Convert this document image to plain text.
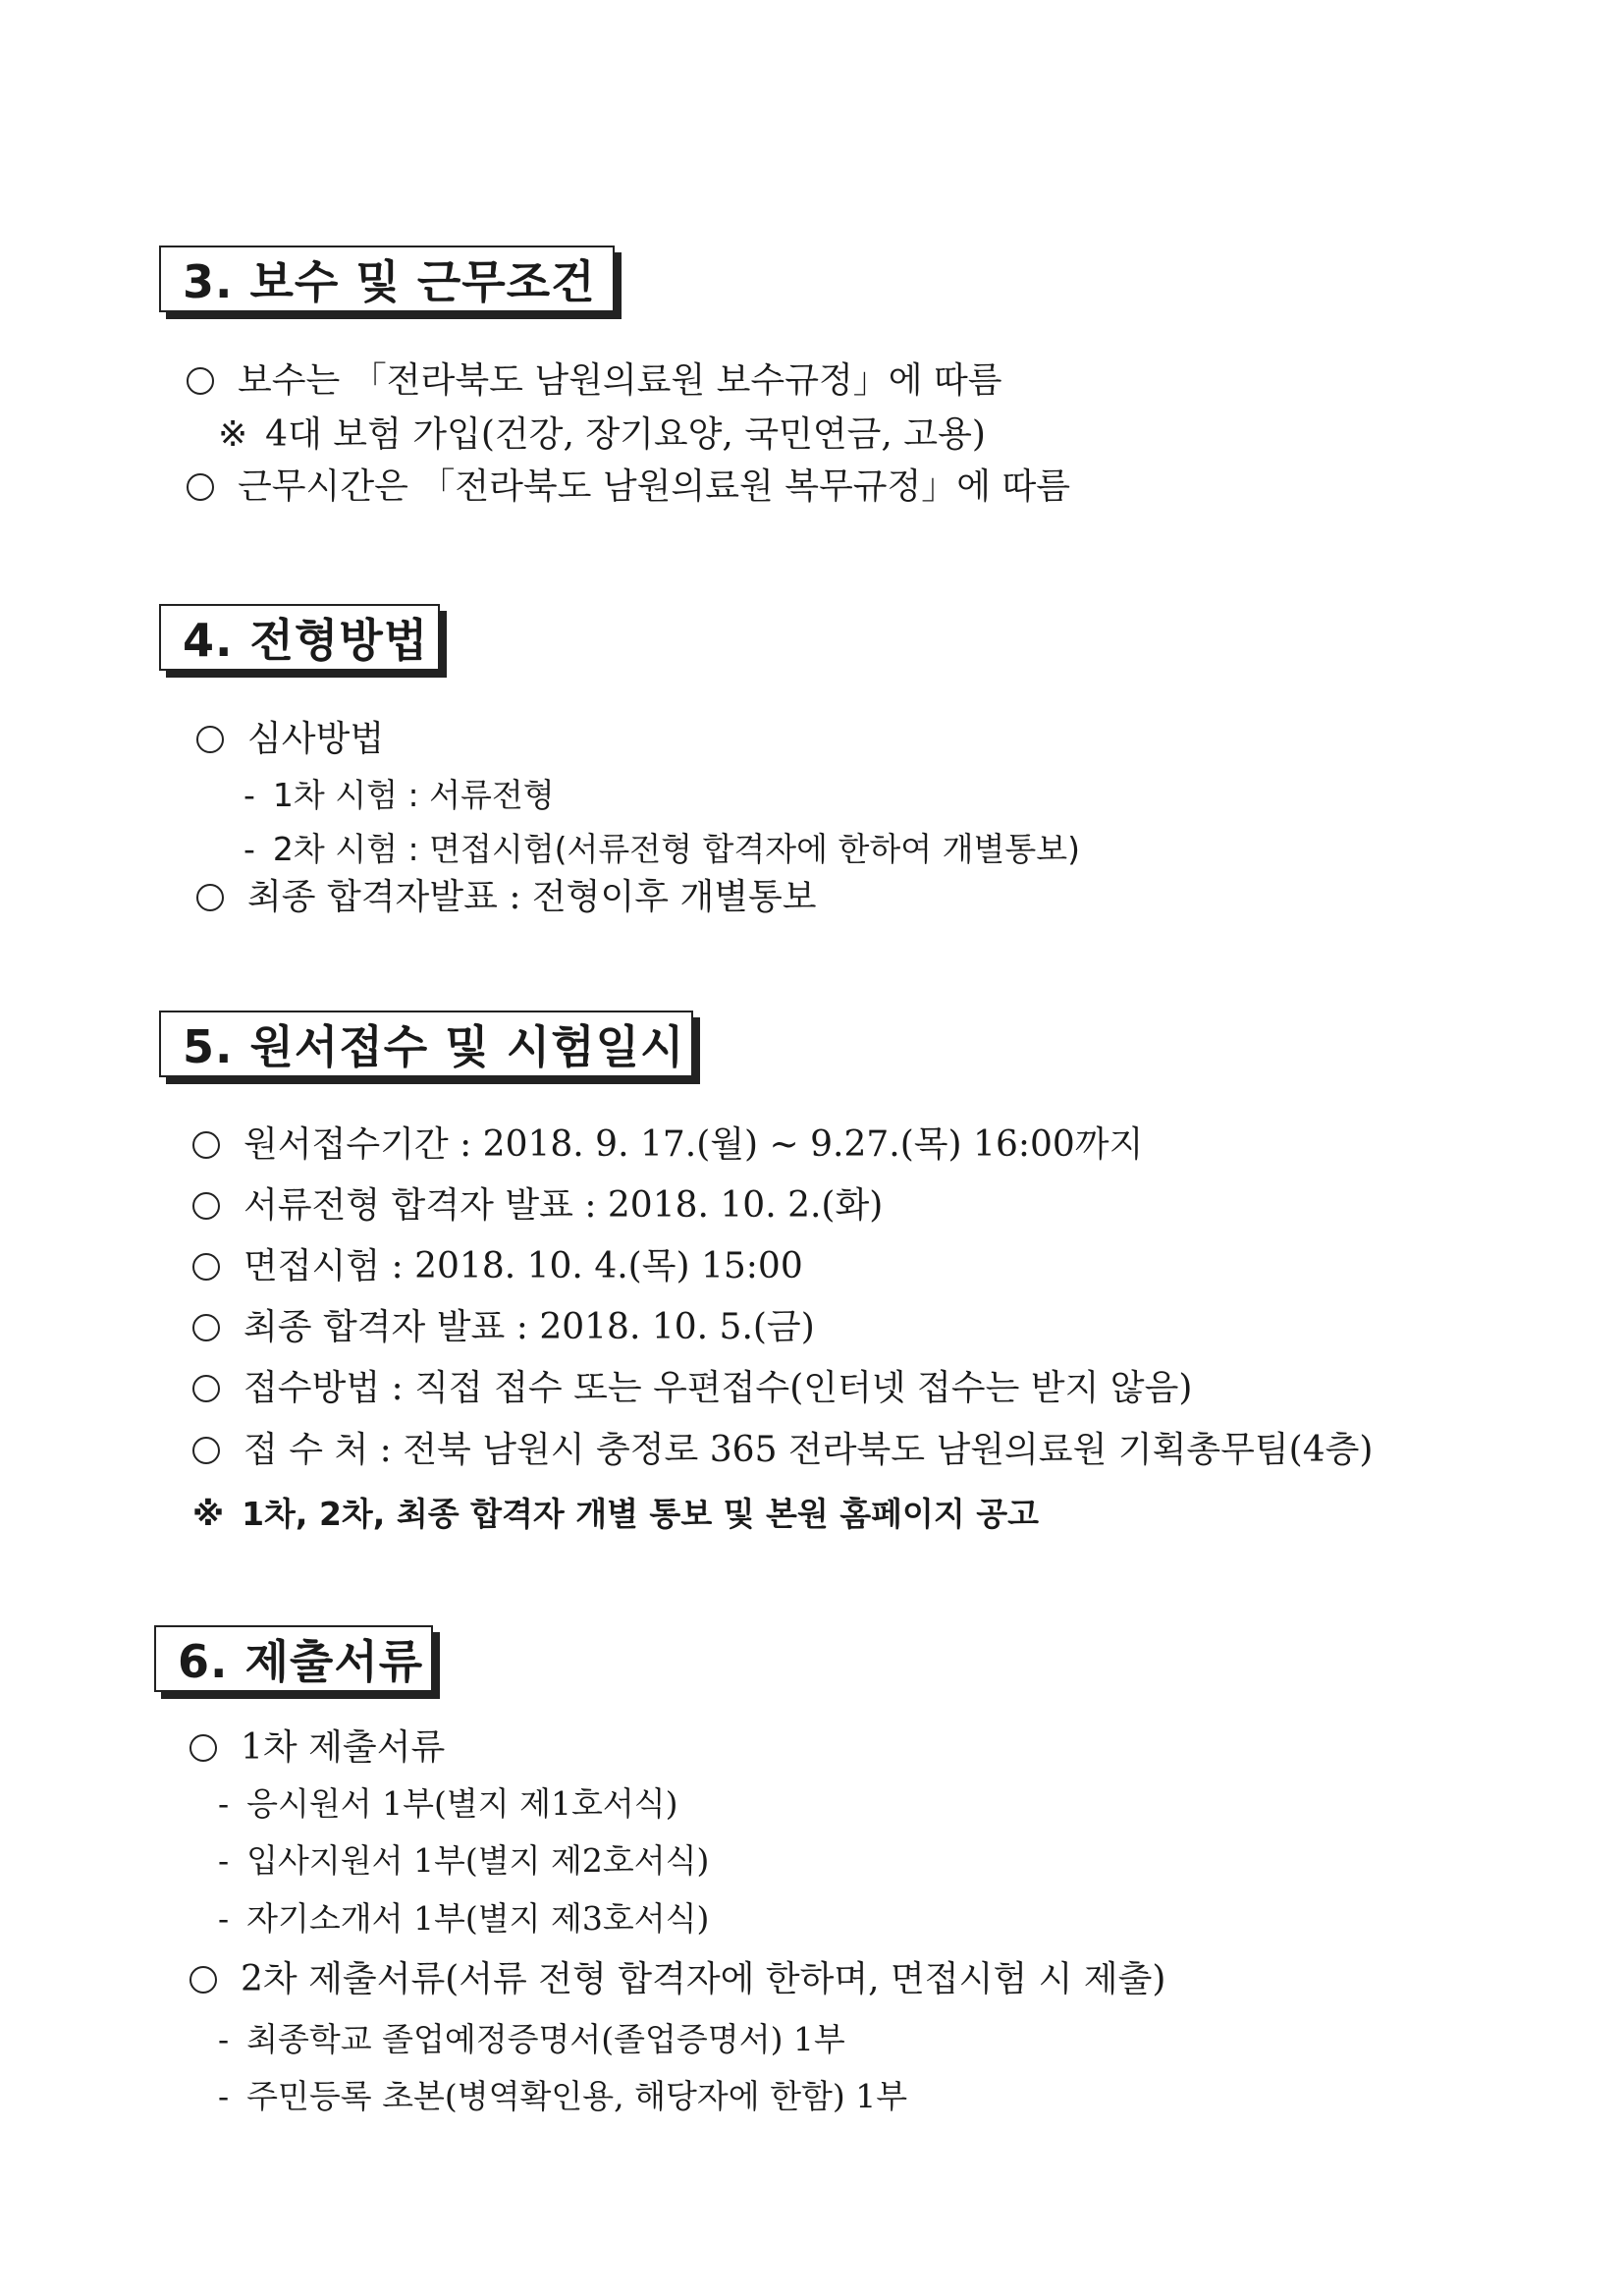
3. 보수 및 근무조건
보수는 「전라북도 남원의료원 보수규정」에 따름
※ 4대 보험 가입(건강, 장기요양, 국민연금, 고용)
근무시간은 「전라북도 남원의료원 복무규정」에 따름
4. 전형방법
심사방법
- 1차 시험 : 서류전형
- 2차 시험 : 면접시험(서류전형 합격자에 한하여 개별통보)
최종 합격자발표 : 전형이후 개별통보
5. 원서접수 및 시험일시
원서접수기간 : 2018. 9. 17.(월) ~ 9.27.(목) 16:00까지
서류전형 합격자 발표 : 2018. 10. 2.(화)
면접시험 : 2018. 10. 4.(목) 15:00
최종 합격자 발표 : 2018. 10. 5.(금)
접수방법 : 직접 접수 또는 우편접수(인터넷 접수는 받지 않음)
접 수 처 : 전북 남원시 충정로 365 전라북도 남원의료원 기획총무팀(4층)
※ 1차, 2차, 최종 합격자 개별 통보 및 본원 홈페이지 공고
6. 제출서류
1차 제출서류
- 응시원서 1부(별지 제1호서식)
- 입사지원서 1부(별지 제2호서식)
- 자기소개서 1부(별지 제3호서식)
2차 제출서류(서류 전형 합격자에 한하며, 면접시험 시 제출)
- 최종학교 졸업예정증명서(졸업증명서) 1부
- 주민등록 초본(병역확인용, 해당자에 한함) 1부
